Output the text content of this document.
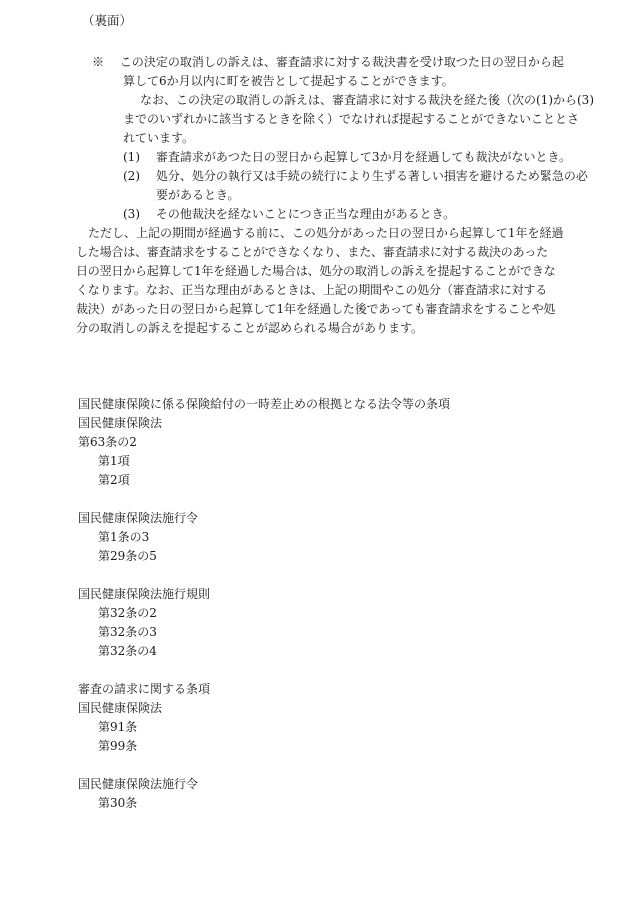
（裏面）
※　 この決定の取消しの訴えは、審査請求に対する裁決書を受け取つた日の翌日から起
算して6か月以内に町を被告として提起することができます。
なお、この決定の取消しの訴えは、審査請求に対する裁決を経た後（次の(1)から(3)
までのいずれかに該当するときを除く）でなければ提起することができないこととさ
れています。
(1)　 審査請求があつた日の翌日から起算して3か月を経過しても裁決がないとき。
(2)　 処分、処分の執行又は手続の続行により生ずる著しい損害を避けるため緊急の必
要があるとき。
(3)　 その他裁決を経ないことにつき正当な理由があるとき。
ただし、上記の期間が経過する前に、この処分があった日の翌日から起算して1年を経過
した場合は、審査請求をすることができなくなり、また、審査請求に対する裁決のあった
日の翌日から起算して1年を経過した場合は、処分の取消しの訴えを提起することができな
くなります。なお、正当な理由があるときは、上記の期間やこの処分（審査請求に対する
裁決）があった日の翌日から起算して1年を経過した後であっても審査請求をすることや処
分の取消しの訴えを提起することが認められる場合があります。
国民健康保険に係る保険給付の一時差止めの根拠となる法令等の条項
国民健康保険法
第63条の2
第1項
第2項
国民健康保険法施行令
第1条の3
第29条の5
国民健康保険法施行規則
第32条の2
第32条の3
第32条の4
審査の請求に関する条項
国民健康保険法
第91条
第99条
国民健康保険法施行令
第30条
